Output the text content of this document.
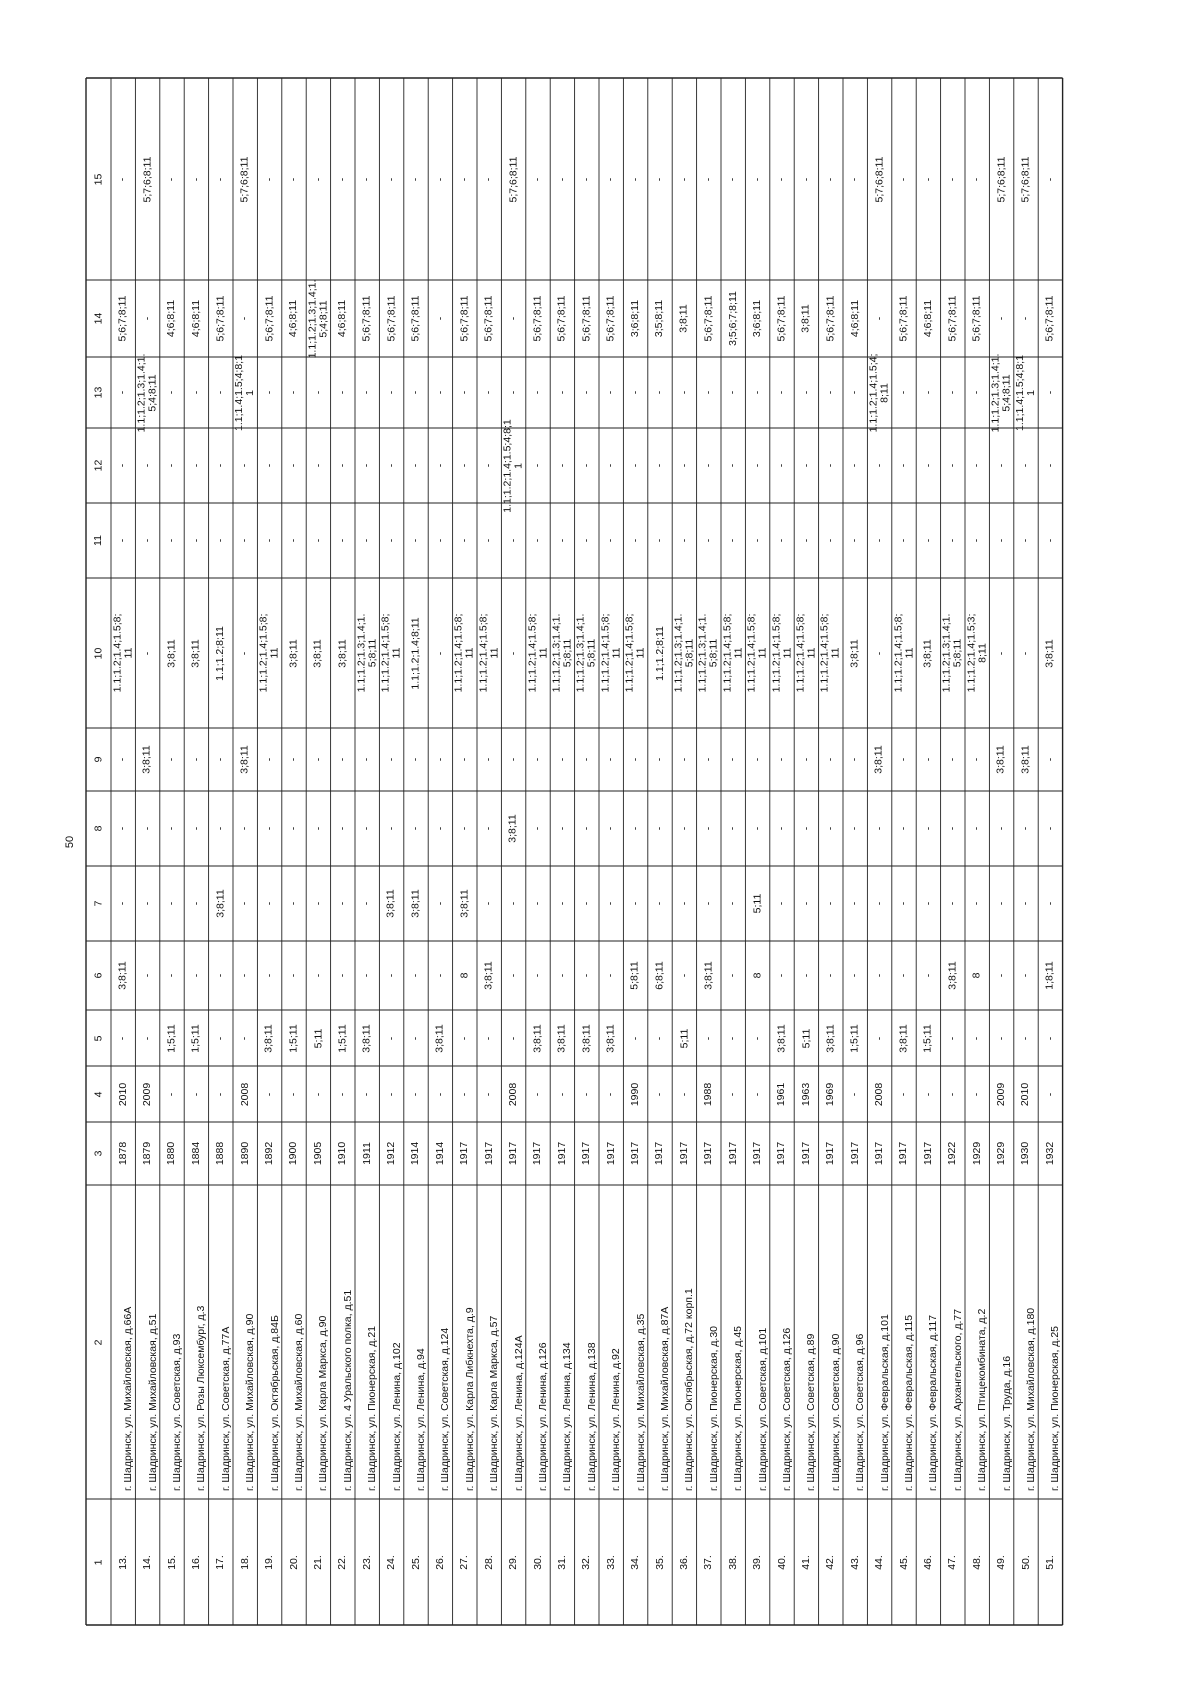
50
1
2
3
4
5
6
7
8
9
10
11
12
13
14
15
13.
г. Шадринск, ул. Михайловская, д.66А
1878
2010
-
3;8;11
-
-
-
1.1;1.2;1.4;1.5;8;
11
-
-
-
5;6;7;8;11
-
14.
г. Шадринск, ул. Михайловская, д.51
1879
2009
-
-
-
-
3;8;11
-
-
-
1.1;1.2;1.3;1.4;1.
5;4;8;11
-
5;7;6;8;11
15.
г. Шадринск, ул. Советская, д.93
1880
-
1;5;11
-
-
-
-
3;8;11
-
-
-
4;6;8;11
-
16.
г. Шадринск, ул. Розы Люксембург, д.3
1884
-
1;5;11
-
-
-
-
3;8;11
-
-
-
4;6;8;11
-
17.
г. Шадринск, ул. Советская, д.77А
1888
-
-
-
3;8;11
-
-
1.1;1.2;8;11
-
-
-
5;6;7;8;11
-
18.
г. Шадринск, ул. Михайловская, д.90
1890
2008
-
-
-
-
3;8;11
-
-
-
1.1;1.4;1.5;4;8;1
1
-
5;7;6;8;11
19.
г. Шадринск, ул. Октябрьская, д.84Б
1892
-
3;8;11
-
-
-
-
1.1;1.2;1.4;1.5;8;
11
-
-
-
5;6;7;8;11
-
20.
г. Шадринск, ул. Михайловская, д.60
1900
-
1;5;11
-
-
-
-
3;8;11
-
-
-
4;6;8;11
-
21.
г. Шадринск, ул. Карла Маркса, д.90
1905
-
5;11
-
-
-
-
3;8;11
-
-
-
1.1;1.2;1.3;1.4;1.
5;4;8;11
-
22.
г. Шадринск, ул. 4 Уральского полка, д.51
1910
-
1;5;11
-
-
-
-
3;8;11
-
-
-
4;6;8;11
-
23.
г. Шадринск, ул. Пионерская, д.21
1911
-
3;8;11
-
-
-
-
1.1;1.2;1.3;1.4;1.
5;8;11
-
-
-
5;6;7;8;11
-
24.
г. Шадринск, ул. Ленина, д.102
1912
-
-
-
3;8;11
-
-
1.1;1.2;1.4;1.5;8;
11
-
-
-
5;6;7;8;11
-
25.
г. Шадринск, ул. Ленина, д.94
1914
-
-
-
3;8;11
-
-
1.1;1.2;1.4;8;11
-
-
-
5;6;7;8;11
-
26.
г. Шадринск, ул. Советская, д.124
1914
-
3;8;11
-
-
-
-
-
-
-
-
-
-
27.
г. Шадринск, ул. Карла Либкнехта, д.9
1917
-
-
8
3;8;11
-
-
1.1;1.2;1.4;1.5;8;
11
-
-
-
5;6;7;8;11
-
28.
г. Шадринск, ул. Карла Маркса, д.57
1917
-
-
3;8;11
-
-
-
1.1;1.2;1.4;1.5;8;
11
-
-
-
5;6;7;8;11
-
29.
г. Шадринск, ул. Ленина, д.124А
1917
2008
-
-
-
3;8;11
-
-
-
1.1;1.2;1.4;1.5;4;8;1
1
-
-
5;7;6;8;11
30.
г. Шадринск, ул. Ленина, д.126
1917
-
3;8;11
-
-
-
-
1.1;1.2;1.4;1.5;8;
11
-
-
-
5;6;7;8;11
-
31.
г. Шадринск, ул. Ленина, д.134
1917
-
3;8;11
-
-
-
-
1.1;1.2;1.3;1.4;1.
5;8;11
-
-
-
5;6;7;8;11
-
32.
г. Шадринск, ул. Ленина, д.138
1917
-
3;8;11
-
-
-
-
1.1;1.2;1.3;1.4;1.
5;8;11
-
-
-
5;6;7;8;11
-
33.
г. Шадринск, ул. Ленина, д.92
1917
-
3;8;11
-
-
-
-
1.1;1.2;1.4;1.5;8;
11
-
-
-
5;6;7;8;11
-
34.
г. Шадринск, ул. Михайловская, д.35
1917
1990
-
5;8;11
-
-
-
1.1;1.2;1.4;1.5;8;
11
-
-
-
3;6;8;11
-
35.
г. Шадринск, ул. Михайловская, д.87А
1917
-
-
6;8;11
-
-
-
1.1;1.2;8;11
-
-
-
3;5;8;11
-
36.
г. Шадринск, ул. Октябрьская, д.72 корп.1
1917
-
5;11
-
-
-
-
1.1;1.2;1.3;1.4;1.
5;8;11
-
-
-
3;8;11
-
37.
г. Шадринск, ул. Пионерская, д.30
1917
1988
-
3;8;11
-
-
-
1.1;1.2;1.3;1.4;1.
5;8;11
-
-
-
5;6;7;8;11
-
38.
г. Шадринск, ул. Пионерская, д.45
1917
-
-
-
-
-
-
1.1;1.2;1.4;1.5;8;
11
-
-
-
3;5;6;7;8;11
-
39.
г. Шадринск, ул. Советская, д.101
1917
-
-
8
5;11
-
-
1.1;1.2;1.4;1.5;8;
11
-
-
-
3;6;8;11
-
40.
г. Шадринск, ул. Советская, д.126
1917
1961
3;8;11
-
-
-
-
1.1;1.2;1.4;1.5;8;
11
-
-
-
5;6;7;8;11
-
41.
г. Шадринск, ул. Советская, д.89
1917
1963
5;11
-
-
-
-
1.1;1.2;1.4;1.5;8;
11
-
-
-
3;8;11
-
42.
г. Шадринск, ул. Советская, д.90
1917
1969
3;8;11
-
-
-
-
1.1;1.2;1.4;1.5;8;
11
-
-
-
5;6;7;8;11
-
43.
г. Шадринск, ул. Советская, д.96
1917
-
1;5;11
-
-
-
-
3;8;11
-
-
-
4;6;8;11
-
44.
г. Шадринск, ул. Февральская, д.101
1917
2008
-
-
-
-
3;8;11
-
-
-
1.1;1.2;1.4;1.5;4;
8;11
-
5;7;6;8;11
45.
г. Шадринск, ул. Февральская, д.115
1917
-
3;8;11
-
-
-
-
1.1;1.2;1.4;1.5;8;
11
-
-
-
5;6;7;8;11
-
46.
г. Шадринск, ул. Февральская, д.117
1917
-
1;5;11
-
-
-
-
3;8;11
-
-
-
4;6;8;11
-
47.
г. Шадринск, ул. Архангельского, д.77
1922
-
-
3;8;11
-
-
-
1.1;1.2;1.3;1.4;1.
5;8;11
-
-
-
5;6;7;8;11
-
48.
г. Шадринск, ул. Птицекомбината, д.2
1929
-
-
8
-
-
-
1.1;1.2;1.4;1.5;3;
8;11
-
-
-
5;6;7;8;11
-
49.
г. Шадринск, ул. Труда, д.16
1929
2009
-
-
-
-
3;8;11
-
-
-
1.1;1.2;1.3;1.4;1.
5;4;8;11
-
5;7;6;8;11
50.
г. Шадринск, ул. Михайловская, д.180
1930
2010
-
-
-
-
3;8;11
-
-
-
1.1;1.4;1.5;4;8;1
1
-
5;7;6;8;11
51.
г. Шадринск, ул. Пионерская, д.25
1932
-
-
1;8;11
-
-
-
3;8;11
-
-
-
5;6;7;8;11
-
